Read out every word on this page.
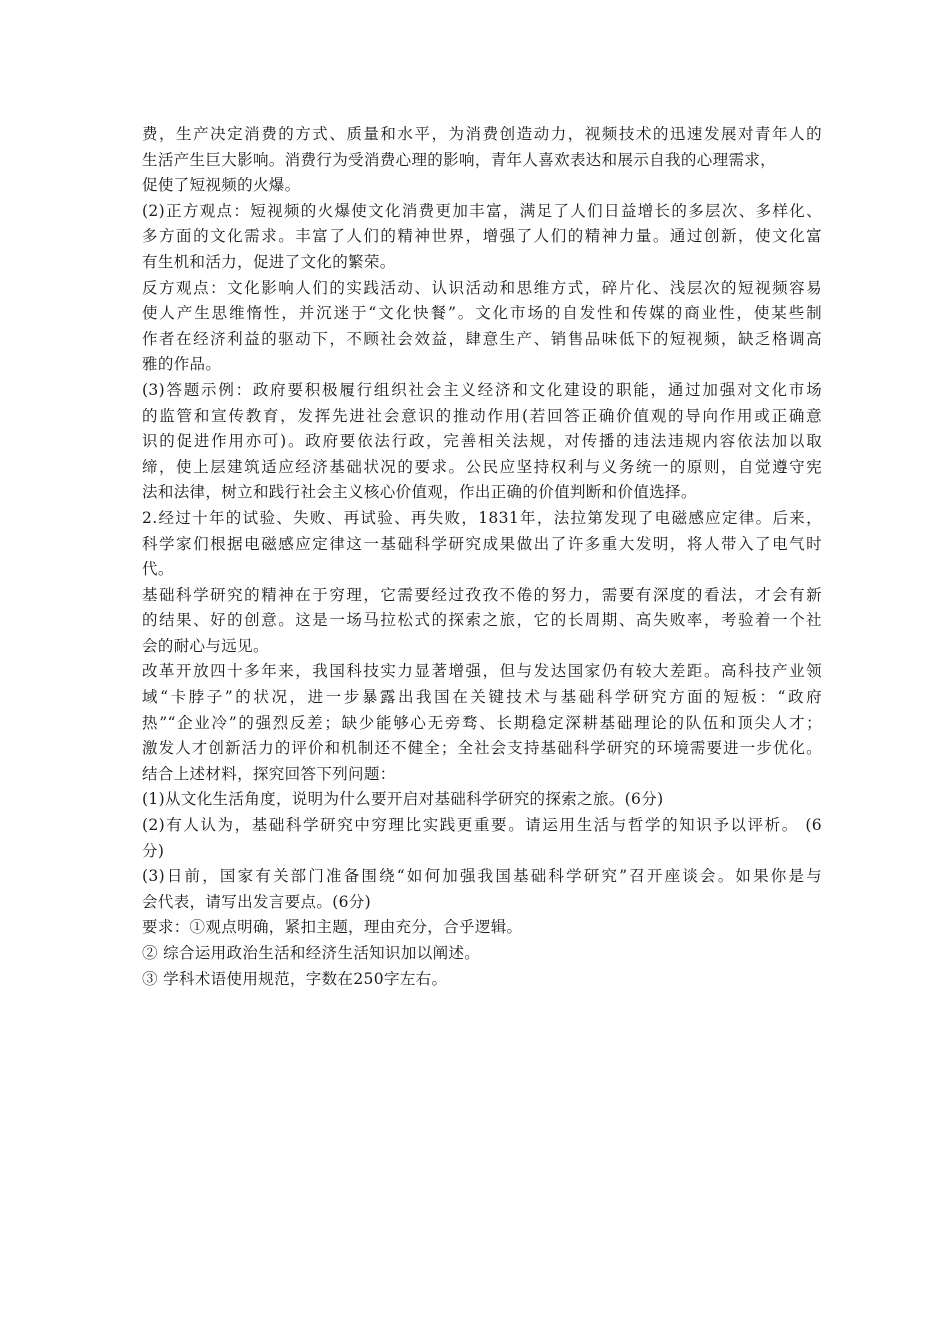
费，生产决定消费的方式、质量和水平，为消费创造动力，视频技术的迅速发展对青年人的
生活产生巨大影响。消费行为受消费心理的影响，青年人喜欢表达和展示自我的心理需求，
促使了短视频的火爆。
(2)正方观点：短视频的火爆使文化消费更加丰富，满足了人们日益增长的多层次、多样化、
多方面的文化需求。丰富了人们的精神世界，增强了人们的精神力量。通过创新，使文化富
有生机和活力，促进了文化的繁荣。
反方观点：文化影响人们的实践活动、认识活动和思维方式，碎片化、浅层次的短视频容易
使人产生思维惰性，并沉迷于“文化快餐”。文化市场的自发性和传媒的商业性，使某些制
作者在经济利益的驱动下，不顾社会效益，肆意生产、销售品味低下的短视频，缺乏格调高
雅的作品。
(3)答题示例：政府要积极履行组织社会主义经济和文化建设的职能，通过加强对文化市场
的监管和宣传教育，发挥先进社会意识的推动作用(若回答正确价值观的导向作用或正确意
识的促进作用亦可)。政府要依法行政，完善相关法规，对传播的违法违规内容依法加以取
缔，使上层建筑适应经济基础状况的要求。公民应坚持权利与义务统一的原则，自觉遵守宪
法和法律，树立和践行社会主义核心价值观，作出正确的价值判断和价值选择。
2.经过十年的试验、失败、再试验、再失败，1831年，法拉第发现了电磁感应定律。后来，
科学家们根据电磁感应定律这一基础科学研究成果做出了许多重大发明，将人带入了电气时
代。
基础科学研究的精神在于穷理，它需要经过孜孜不倦的努力，需要有深度的看法，才会有新
的结果、好的创意。这是一场马拉松式的探索之旅，它的长周期、高失败率，考验着一个社
会的耐心与远见。
改革开放四十多年来，我国科技实力显著增强，但与发达国家仍有较大差距。高科技产业领
域“卡脖子”的状况，进一步暴露出我国在关键技术与基础科学研究方面的短板：“政府
热”“企业冷”的强烈反差；缺少能够心无旁骛、长期稳定深耕基础理论的队伍和顶尖人才；
激发人才创新活力的评价和机制还不健全；全社会支持基础科学研究的环境需要进一步优化。
结合上述材料，探究回答下列问题：
(1)从文化生活角度，说明为什么要开启对基础科学研究的探索之旅。(6分)
(2)有人认为，基础科学研究中穷理比实践更重要。请运用生活与哲学的知识予以评析。 (6
分)
(3)日前，国家有关部门准备围绕“如何加强我国基础科学研究”召开座谈会。如果你是与
会代表，请写出发言要点。(6分)
要求：①观点明确，紧扣主题，理由充分，合乎逻辑。
② 综合运用政治生活和经济生活知识加以阐述。
③ 学科术语使用规范，字数在250字左右。
